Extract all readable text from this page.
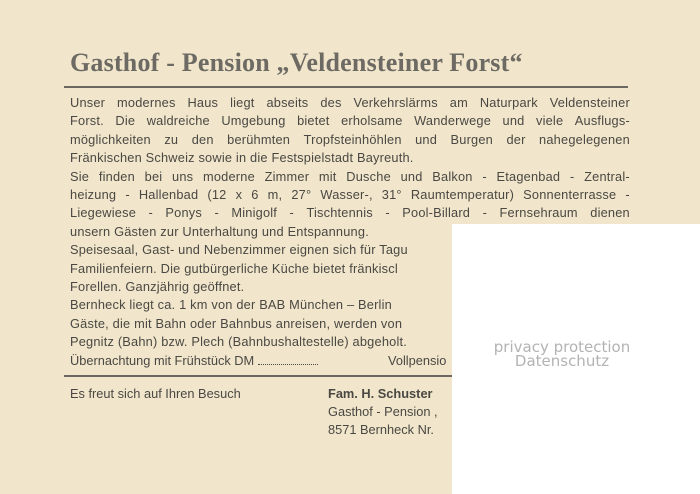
Gasthof - Pension „Veldensteiner Forst“
Unser modernes Haus liegt abseits des Verkehrslärms am Naturpark Veldensteiner
Forst. Die waldreiche Umgebung bietet erholsame Wanderwege und viele Ausflugs-
möglichkeiten zu den berühmten Tropfsteinhöhlen und Burgen der nahegelegenen
Fränkischen Schweiz sowie in die Festspielstadt Bayreuth.
Sie finden bei uns moderne Zimmer mit Dusche und Balkon - Etagenbad - Zentral-
heizung - Hallenbad (12 x 6 m, 27° Wasser-, 31° Raumtemperatur) Sonnenterrasse -
Liegewiese - Ponys - Minigolf - Tischtennis - Pool-Billard - Fernsehraum dienen
unsern Gästen zur Unterhaltung und Entspannung.
Speisesaal, Gast- und Nebenzimmer eignen sich für Tagu
Familienfeiern. Die gutbürgerliche Küche bietet fränkiscl
Forellen. Ganzjährig geöffnet.
Bernheck liegt ca. 1 km von der BAB München – Berlin
Gäste, die mit Bahn oder Bahnbus anreisen, werden von
Pegnitz (Bahn) bzw. Plech (Bahnbushaltestelle) abgeholt.
Übernachtung mit Frühstück DM	Vollpensio
Es freut sich auf Ihren Besuch	Fam. H. Schuster
Gasthof - Pension ,
8571 Bernheck Nr.
privacy protection
Datenschutz
